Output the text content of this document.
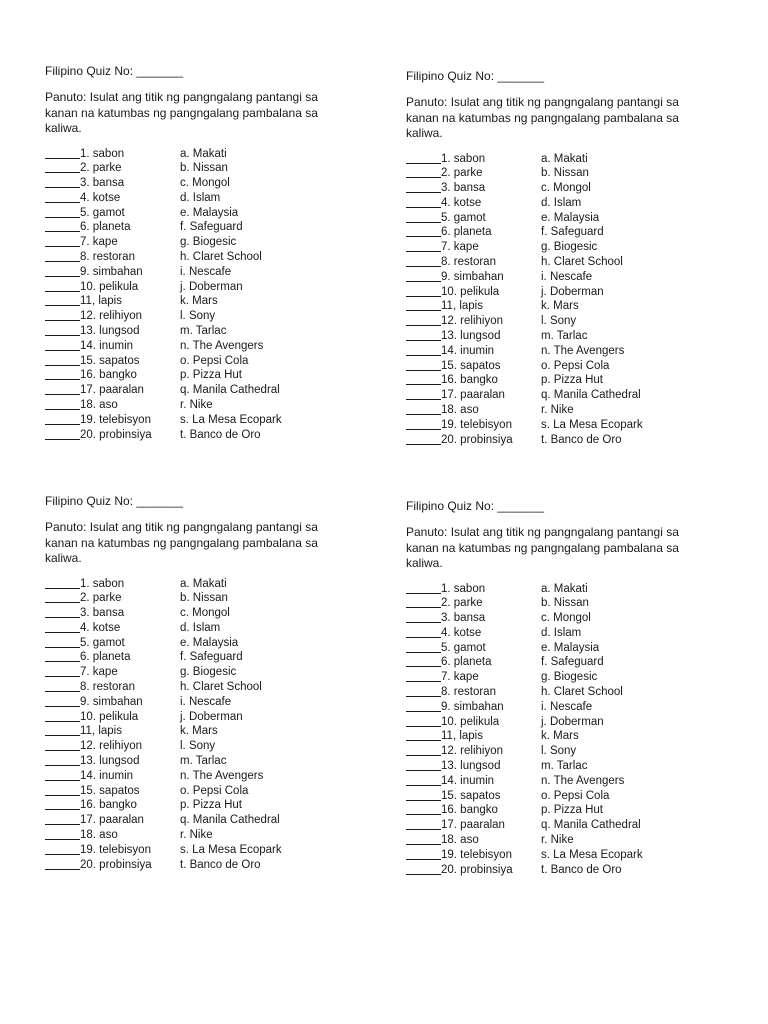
Filipino Quiz No: _______

Panuto: Isulat ang titik ng pangngalang pantangi sa kanan na katumbas ng pangngalang pambalana sa kaliwa.

1. sabon	a. Makati
2. parke	b. Nissan
3. bansa	c. Mongol
4. kotse	d. Islam
5. gamot	e. Malaysia
6. planeta	f. Safeguard
7. kape	g. Biogesic
8. restoran	h. Claret School
9. simbahan	i. Nescafe
10. pelikula	j. Doberman
11, lapis	k. Mars
12. relihiyon	l. Sony
13. lungsod	m. Tarlac
14. inumin	n. The Avengers
15. sapatos	o. Pepsi Cola
16. bangko	p. Pizza Hut
17. paaralan	q. Manila Cathedral
18. aso	r. Nike
19. telebisyon	s. La Mesa Ecopark
20. probinsiya	t. Banco de Oro

Filipino Quiz No: _______

Panuto: Isulat ang titik ng pangngalang pantangi sa kanan na katumbas ng pangngalang pambalana sa kaliwa.

1. sabon	a. Makati
2. parke	b. Nissan
3. bansa	c. Mongol
4. kotse	d. Islam
5. gamot	e. Malaysia
6. planeta	f. Safeguard
7. kape	g. Biogesic
8. restoran	h. Claret School
9. simbahan	i. Nescafe
10. pelikula	j. Doberman
11, lapis	k. Mars
12. relihiyon	l. Sony
13. lungsod	m. Tarlac
14. inumin	n. The Avengers
15. sapatos	o. Pepsi Cola
16. bangko	p. Pizza Hut
17. paaralan	q. Manila Cathedral
18. aso	r. Nike
19. telebisyon	s. La Mesa Ecopark
20. probinsiya	t. Banco de Oro

Filipino Quiz No: _______

Panuto: Isulat ang titik ng pangngalang pantangi sa kanan na katumbas ng pangngalang pambalana sa kaliwa.

1. sabon	a. Makati
2. parke	b. Nissan
3. bansa	c. Mongol
4. kotse	d. Islam
5. gamot	e. Malaysia
6. planeta	f. Safeguard
7. kape	g. Biogesic
8. restoran	h. Claret School
9. simbahan	i. Nescafe
10. pelikula	j. Doberman
11, lapis	k. Mars
12. relihiyon	l. Sony
13. lungsod	m. Tarlac
14. inumin	n. The Avengers
15. sapatos	o. Pepsi Cola
16. bangko	p. Pizza Hut
17. paaralan	q. Manila Cathedral
18. aso	r. Nike
19. telebisyon	s. La Mesa Ecopark
20. probinsiya	t. Banco de Oro

Filipino Quiz No: _______

Panuto: Isulat ang titik ng pangngalang pantangi sa kanan na katumbas ng pangngalang pambalana sa kaliwa.

1. sabon	a. Makati
2. parke	b. Nissan
3. bansa	c. Mongol
4. kotse	d. Islam
5. gamot	e. Malaysia
6. planeta	f. Safeguard
7. kape	g. Biogesic
8. restoran	h. Claret School
9. simbahan	i. Nescafe
10. pelikula	j. Doberman
11, lapis	k. Mars
12. relihiyon	l. Sony
13. lungsod	m. Tarlac
14. inumin	n. The Avengers
15. sapatos	o. Pepsi Cola
16. bangko	p. Pizza Hut
17. paaralan	q. Manila Cathedral
18. aso	r. Nike
19. telebisyon	s. La Mesa Ecopark
20. probinsiya	t. Banco de Oro
